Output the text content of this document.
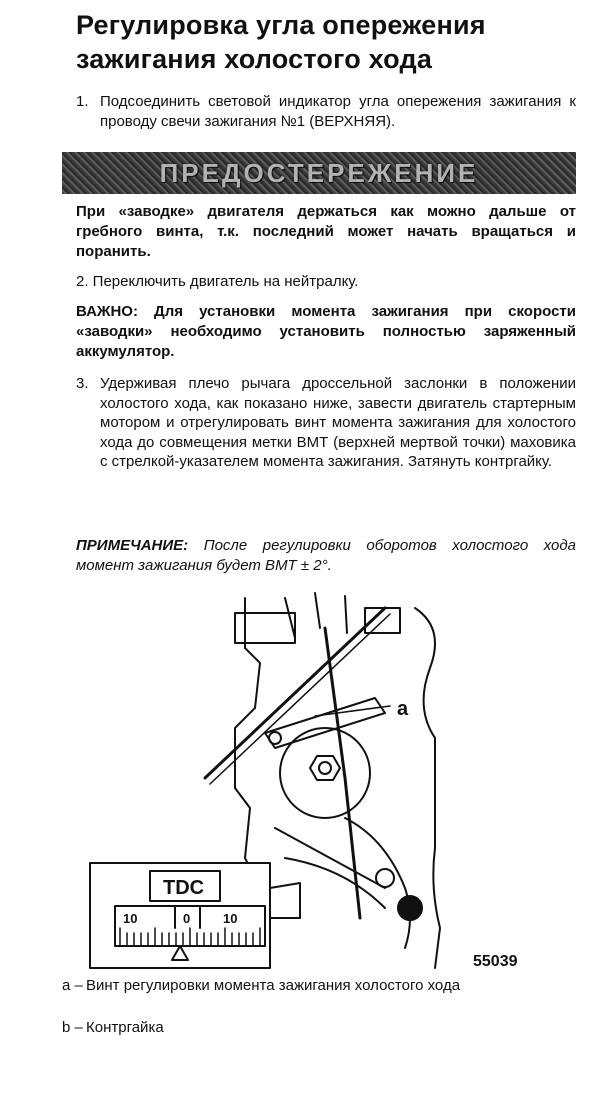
Регулировка угла опережения зажигания холостого хода
1. Подсоединить световой индикатор угла опережения зажигания к проводу свечи зажигания №1 (ВЕРХНЯЯ).
ПРЕДОСТЕРЕЖЕНИЕ
При «заводке» двигателя держаться как можно дальше от гребного винта, т.к. последний может начать вращаться и поранить.
2. Переключить двигатель на нейтралку.
ВАЖНО: Для установки момента зажигания при скорости «заводки» необходимо установить полностью заряженный аккумулятор.
3. Удерживая плечо рычага дроссельной заслонки в положении холостого хода, как показано ниже, завести двигатель стартерным мотором и отрегулировать винт момента зажигания для холостого хода до совмещения метки ВМТ (верхней мертвой точки) маховика с стрелкой-указателем момента зажигания. Затянуть контргайку.
ПРИМЕЧАНИЕ: После регулировки оборотов холостого хода момент зажигания будет ВМТ ± 2°.
a
TDC
10	0	10
55039
a – Винт регулировки момента зажигания холостого хода
b – Контргайка
